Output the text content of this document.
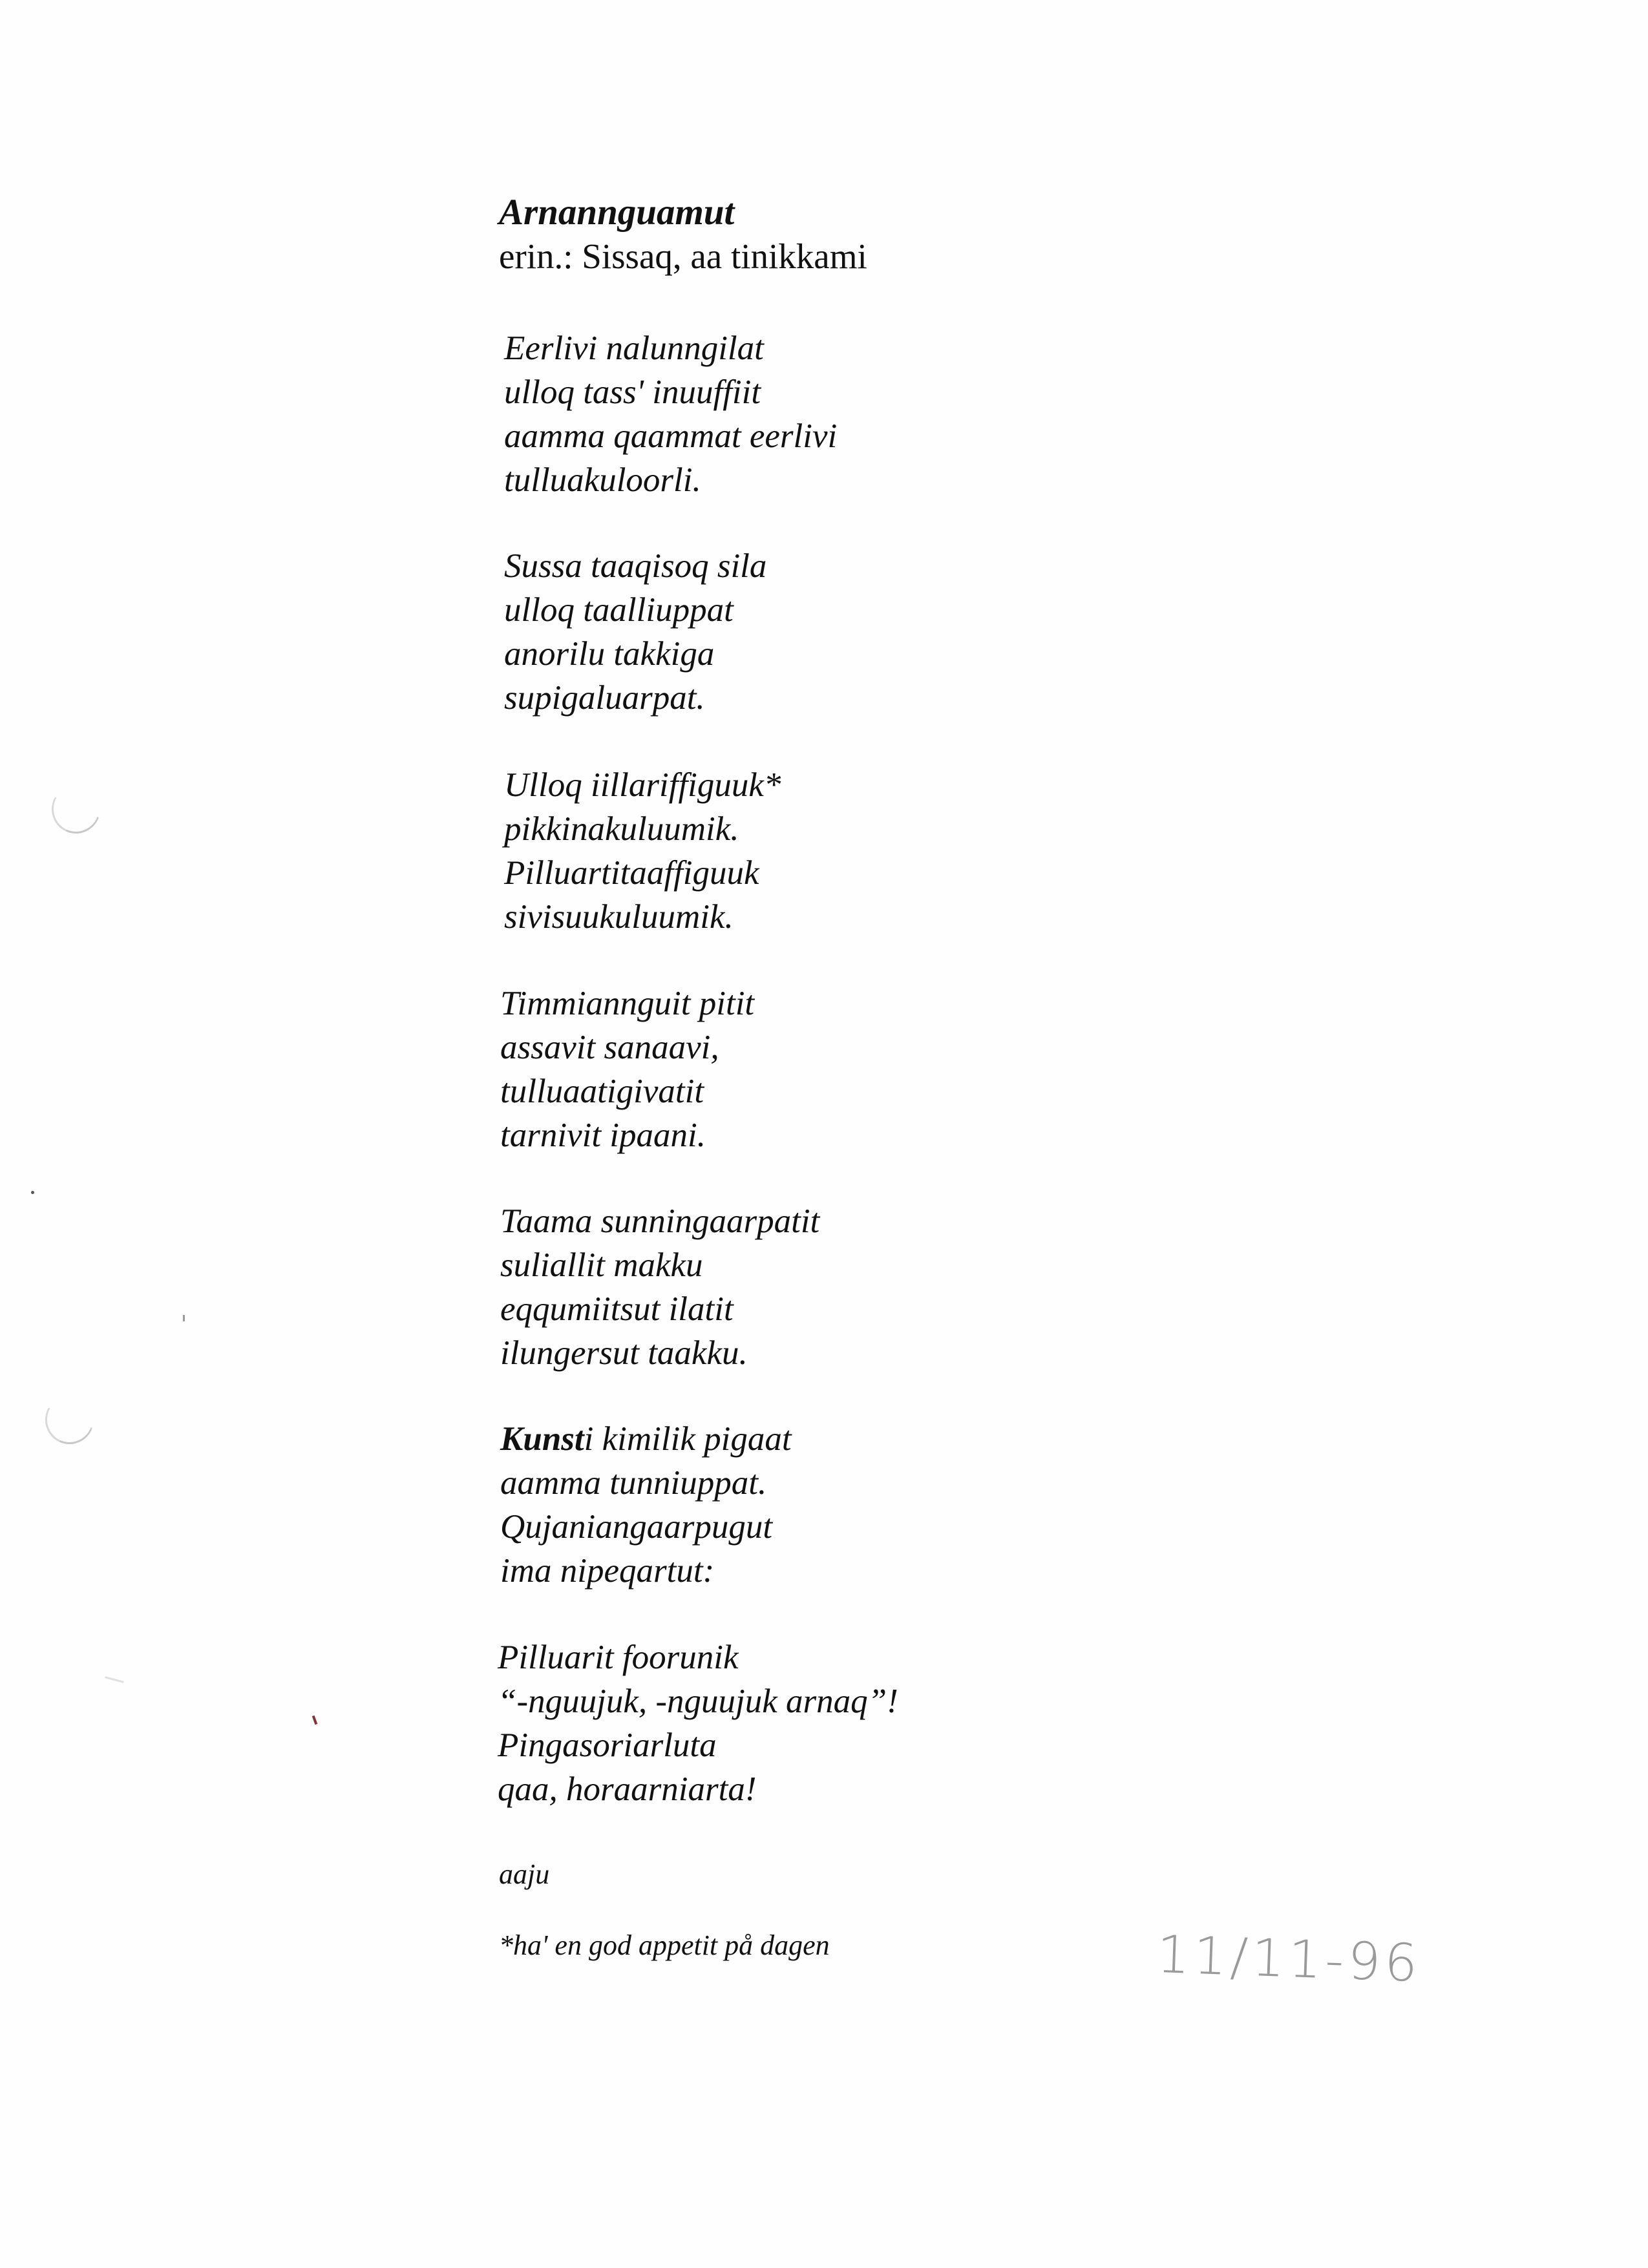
Arnannguamut

erin.: Sissaq, aa tinikkami

Eerlivi nalunngilat
ulloq tass' inuuffiit
aamma qaammat eerlivi
tulluakuloorli.

Sussa taaqisoq sila
ulloq taalliuppat
anorilu takkiga
supigaluarpat.

Ulloq iillariffiguuk*
pikkinakuluumik.
Pilluartitaaffiguuk
sivisuukuluumik.

Timmiannguit pitit
assavit sanaavi,
tulluaatigivatit
tarnivit ipaani.

Taama sunningaarpatit
suliallit makku
eqqumiitsut ilatit
ilungersut taakku.

Kunsti kimilik pigaat
aamma tunniuppat.
Qujaniangaarpugut
ima nipeqartut:

Pilluarit foorunik
“-nguujuk, -nguujuk arnaq”!
Pingasoriarluta
qaa, horaarniarta!

aaju

*ha' en god appetit på dagen	11/11-96
